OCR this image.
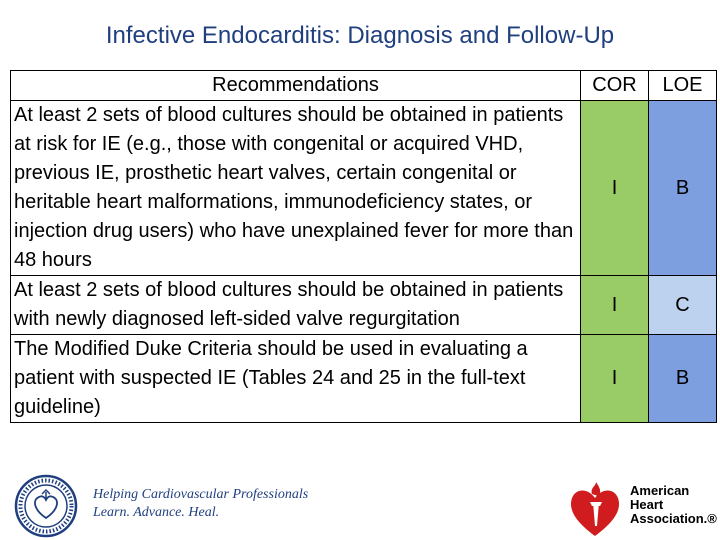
Infective Endocarditis: Diagnosis and Follow-Up
Recommendations	COR	LOE
At least 2 sets of blood cultures should be obtained in patients at risk for IE (e.g., those with congenital or acquired VHD, previous IE, prosthetic heart valves, certain congenital or heritable heart malformations, immunodeficiency states, or injection drug users) who have unexplained fever for more than 48 hours	I	B
At least 2 sets of blood cultures should be obtained in patients with newly diagnosed left-sided valve regurgitation	I	C
The Modified Duke Criteria should be used in evaluating a patient with suspected IE (Tables 24 and 25 in the full-text guideline)	I	B
Helping Cardiovascular Professionals
Learn. Advance. Heal.
American
Heart
Association.®
